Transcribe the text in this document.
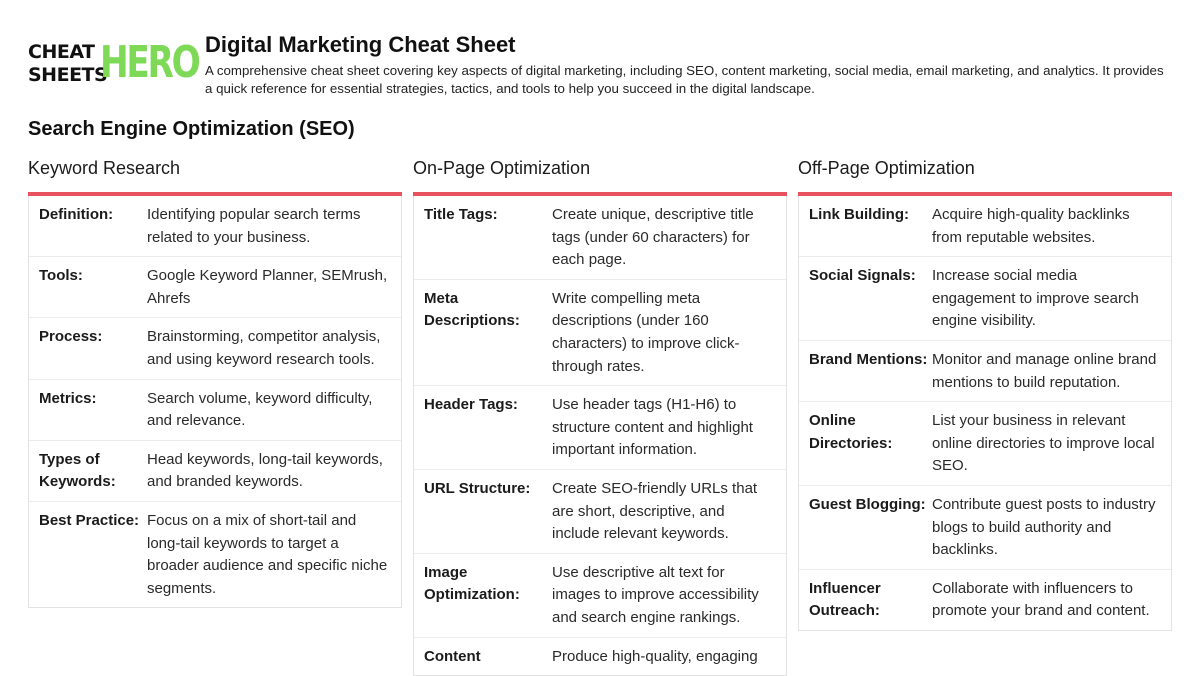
CHEAT
SHEETS
HERO Digital Marketing Cheat Sheet
A comprehensive cheat sheet covering key aspects of digital marketing, including SEO, content marketing, social media, email marketing, and analytics. It provides a quick reference for essential strategies, tactics, and tools to help you succeed in the digital landscape.
Search Engine Optimization (SEO)
Keyword Research
Definition:	Identifying popular search terms related to your business.
Tools:	Google Keyword Planner, SEMrush, Ahrefs
Process:	Brainstorming, competitor analysis, and using keyword research tools.
Metrics:	Search volume, keyword difficulty, and relevance.
Types of Keywords:
Head keywords, long-tail keywords, and branded keywords.
Best Practice: Focus on a mix of short-tail and long-tail keywords to target a broader audience and specific niche segments.
On-Page Optimization
Title Tags:	Create unique, descriptive title tags (under 60 characters) for each page.
Meta Descriptions:
Write compelling meta descriptions (under 160 characters) to improve click-through rates.
Header Tags:	Use header tags (H1-H6) to structure content and highlight important information.
URL Structure:	Create SEO-friendly URLs that are short, descriptive, and include relevant keywords.
Image Optimization:
Use descriptive alt text for images to improve accessibility and search engine rankings.
Content	Produce high-quality, engaging
Off-Page Optimization
Link Building:	Acquire high-quality backlinks from reputable websites.
Social Signals:	Increase social media engagement to improve search engine visibility.
Brand Mentions: Monitor and manage online brand mentions to build reputation.
Online Directories:
List your business in relevant online directories to improve local SEO.
Guest Blogging: Contribute guest posts to industry blogs to build authority and backlinks.
Influencer Outreach:
Collaborate with influencers to promote your brand and content.
